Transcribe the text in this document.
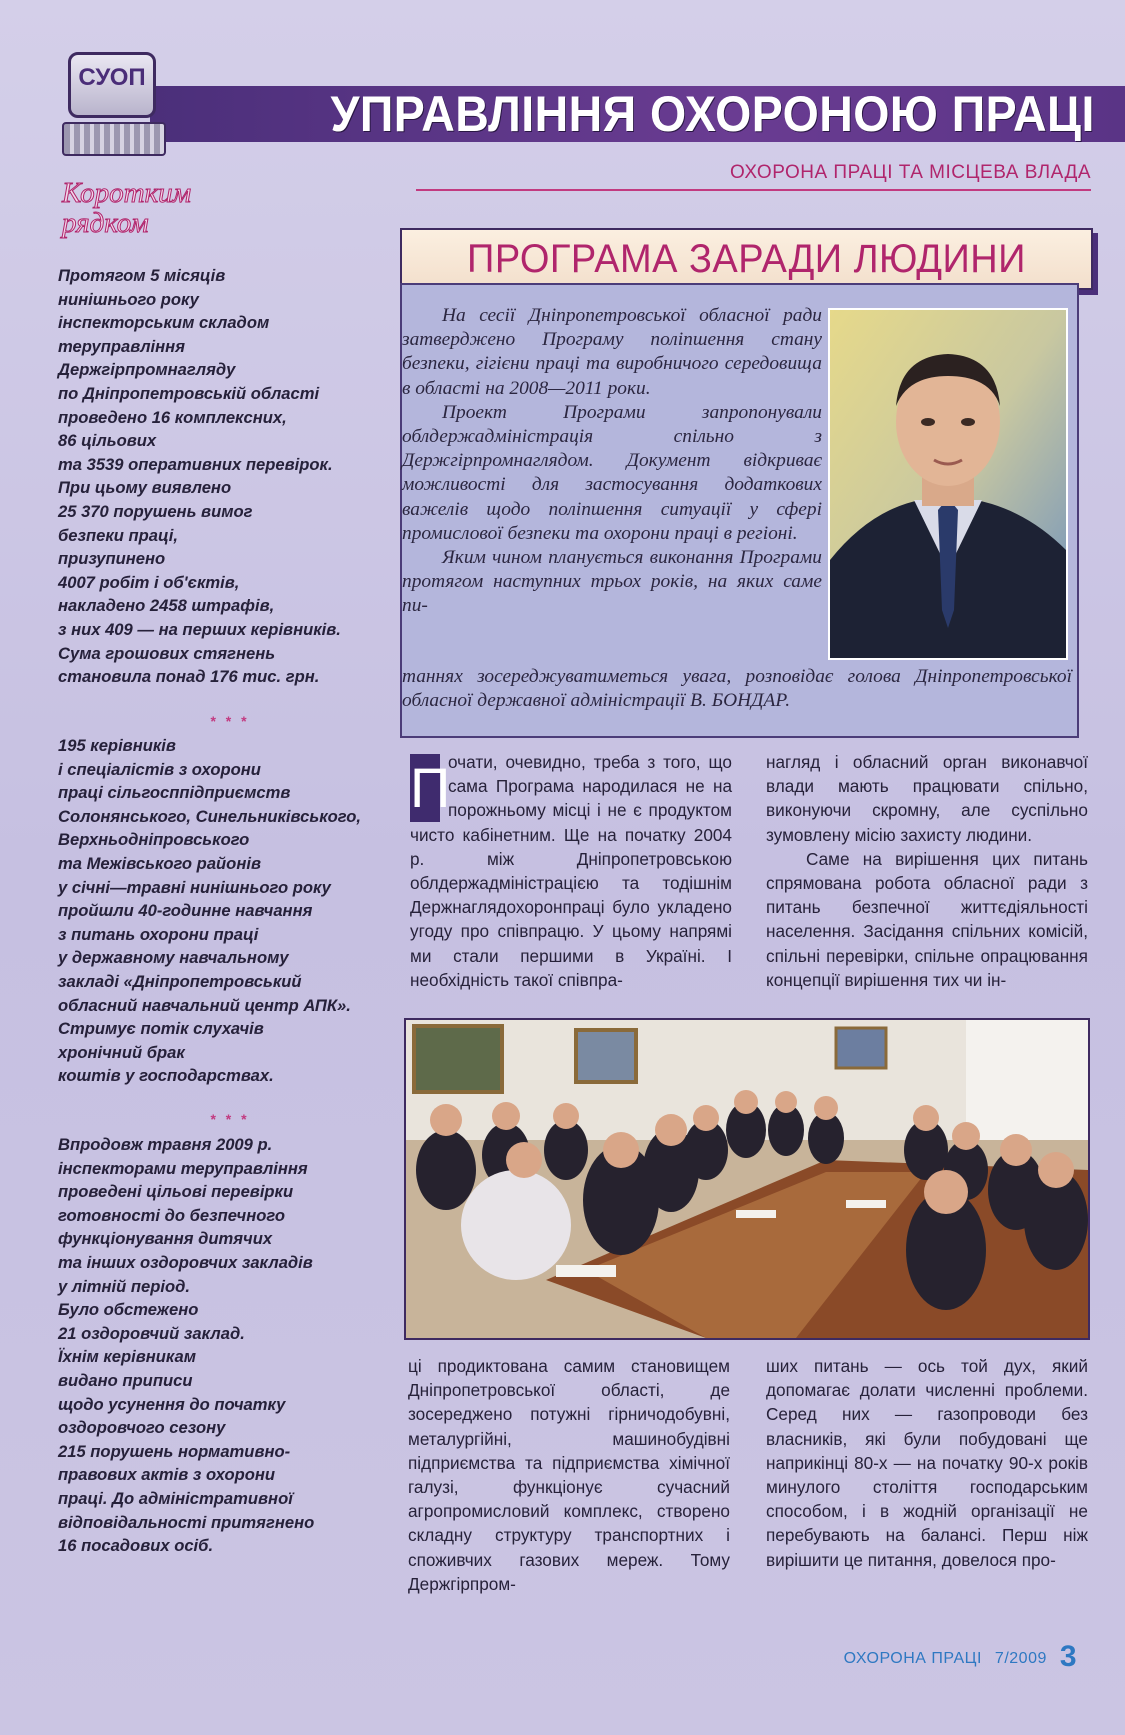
УПРАВЛІННЯ ОХОРОНОЮ ПРАЦІ
СУОП
ОХОРОНА ПРАЦІ ТА МІСЦЕВА ВЛАДА
Коротким рядком
Протягом 5 місяців
нинішнього року
інспекторським складом
теруправління
Держгірпромнагляду
по Дніпропетровській області
проведено 16 комплексних,
86 цільових
та 3539 оперативних перевірок.
При цьому виявлено
25 370 порушень вимог
безпеки праці,
призупинено
4007 робіт і об'єктів,
накладено 2458 штрафів,
з них 409 — на перших керівників.
Сума грошових стягнень
становила понад 176 тис. грн.
* * *
195 керівників
і спеціалістів з охорони
праці сільгосппідприємств
Солонянського, Синельниківського,
Верхньодніпровського
та Межівського районів
у січні—травні нинішнього року
пройшли 40-годинне навчання
з питань охорони праці
у державному навчальному
закладі «Дніпропетровський
обласний навчальний центр АПК».
Стримує потік слухачів
хронічний брак
коштів у господарствах.
* * *
Впродовж травня 2009 р.
інспекторами теруправління
проведені цільові перевірки
готовності до безпечного
функціонування дитячих
та інших оздоровчих закладів
у літній період.
Було обстежено
21 оздоровчий заклад.
Їхнім керівникам
видано приписи
щодо усунення до початку
оздоровчого сезону
215 порушень нормативно-
правових актів з охорони
праці. До адміністративної
відповідальності притягнено
16 посадових осіб.
ПРОГРАМА ЗАРАДИ ЛЮДИНИ

На сесії Дніпропетровської обласної ради затверджено Програму поліпшення стану безпеки, гігієни праці та виробничого середовища в області на 2008—2011 роки.

Проект Програми запропонували облдержадміністрація спільно з Держгірпромнаглядом. Документ відкриває можливості для застосування додаткових важелів щодо поліпшення ситуації у сфері промислової безпеки та охорони праці в регіоні.

Яким чином планується виконання Програми протягом наступних трьох років, на яких саме пи-

таннях зосереджуватиметься увага, розповідає голова Дніпропетровської обласної державної адміністрації В. БОНДАР.
П
очати, очевидно, треба з того, що сама Програма народилася не на порожньому місці і не є продуктом чисто кабінетним. Ще на початку 2004 р. між Дніпропетровською облдержадміністрацією та тодішнім Держнаглядохоронпраці було укладено угоду про співпрацю. У цьому напрямі ми стали першими в Україні. І необхідність такої співпра-

нагляд і обласний орган виконавчої влади мають працювати спільно, виконуючи скромну, але суспільно зумовлену місію захисту людини.

Саме на вирішення цих питань спрямована робота обласної ради з питань безпечної життєдіяльності населення. Засідання спільних комісій, спільні перевірки, спільне опрацювання концепції вирішення тих чи ін-

ці продиктована самим становищем Дніпропетровської області, де зосереджено потужні гірничодобувні, металургійні, машинобудівні підприємства та підприємства хімічної галузі, функціонує сучасний агропромисловий комплекс, створено складну структуру транспортних і споживчих газових мереж. Тому Держгірпром-

ших питань — ось той дух, який допомагає долати численні проблеми. Серед них — газопроводи без власників, які були побудовані ще наприкінці 80-х — на початку 90-х років минулого століття господарським способом, і в жодній організації не перебувають на балансі. Перш ніж вирішити це питання, довелося про-

ОХОРОНА ПРАЦІ 7/2009 3
